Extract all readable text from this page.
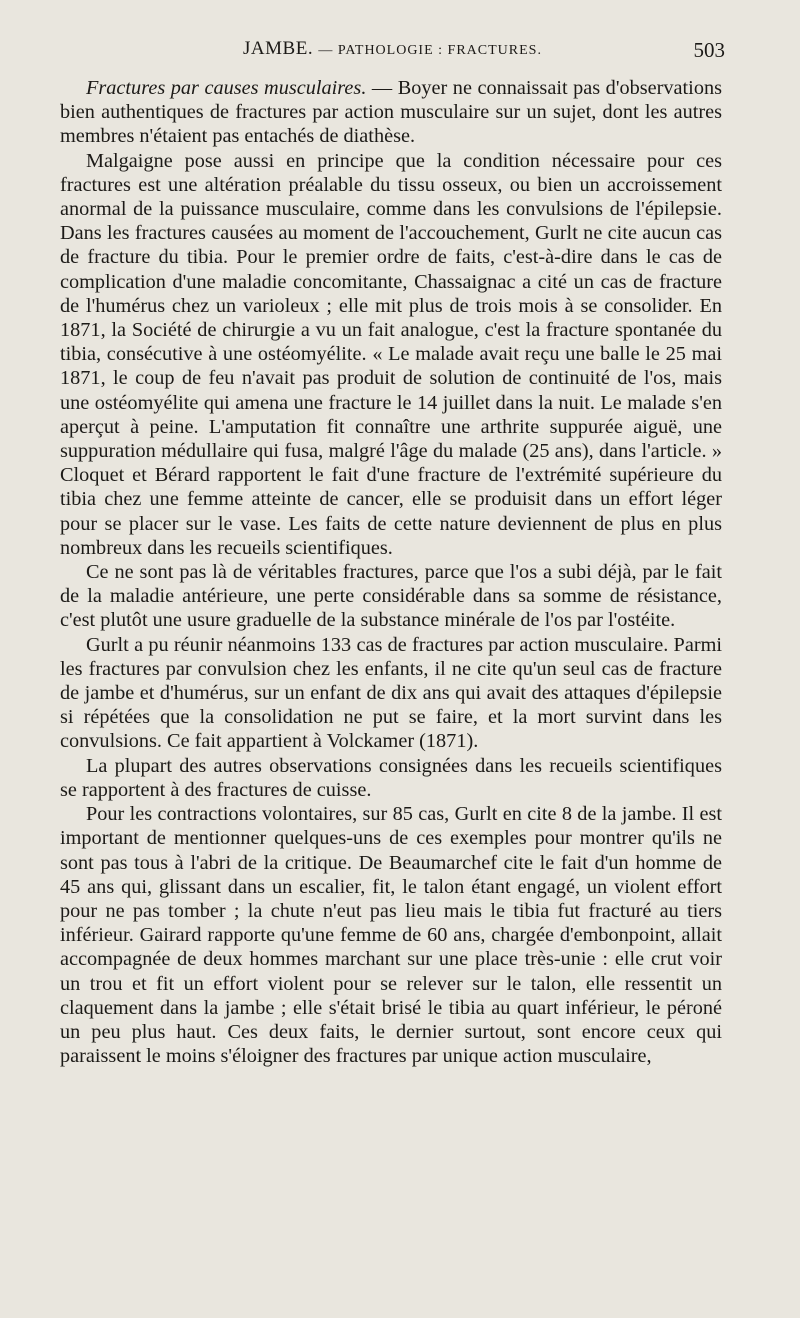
JAMBE. — PATHOLOGIE : FRACTURES.	503

Fractures par causes musculaires. — Boyer ne connaissait pas d'observations bien authentiques de fractures par action musculaire sur un sujet, dont les autres membres n'étaient pas entachés de diathèse.

Malgaigne pose aussi en principe que la condition nécessaire pour ces fractures est une altération préalable du tissu osseux, ou bien un accroissement anormal de la puissance musculaire, comme dans les convulsions de l'épilepsie. Dans les fractures causées au moment de l'accouchement, Gurlt ne cite aucun cas de fracture du tibia. Pour le premier ordre de faits, c'est-à-dire dans le cas de complication d'une maladie concomitante, Chassaignac a cité un cas de fracture de l'humérus chez un varioleux ; elle mit plus de trois mois à se consolider. En 1871, la Société de chirurgie a vu un fait analogue, c'est la fracture spontanée du tibia, consécutive à une ostéomyélite. « Le malade avait reçu une balle le 25 mai 1871, le coup de feu n'avait pas produit de solution de continuité de l'os, mais une ostéomyélite qui amena une fracture le 14 juillet dans la nuit. Le malade s'en aperçut à peine. L'amputation fit connaître une arthrite suppurée aiguë, une suppuration médullaire qui fusa, malgré l'âge du malade (25 ans), dans l'article. » Cloquet et Bérard rapportent le fait d'une fracture de l'extrémité supérieure du tibia chez une femme atteinte de cancer, elle se produisit dans un effort léger pour se placer sur le vase. Les faits de cette nature deviennent de plus en plus nombreux dans les recueils scientifiques.

Ce ne sont pas là de véritables fractures, parce que l'os a subi déjà, par le fait de la maladie antérieure, une perte considérable dans sa somme de résistance, c'est plutôt une usure graduelle de la substance minérale de l'os par l'ostéite.

Gurlt a pu réunir néanmoins 133 cas de fractures par action musculaire. Parmi les fractures par convulsion chez les enfants, il ne cite qu'un seul cas de fracture de jambe et d'humérus, sur un enfant de dix ans qui avait des attaques d'épilepsie si répétées que la consolidation ne put se faire, et la mort survint dans les convulsions. Ce fait appartient à Volckamer (1871).

La plupart des autres observations consignées dans les recueils scientifiques se rapportent à des fractures de cuisse.

Pour les contractions volontaires, sur 85 cas, Gurlt en cite 8 de la jambe. Il est important de mentionner quelques-uns de ces exemples pour montrer qu'ils ne sont pas tous à l'abri de la critique. De Beaumarchef cite le fait d'un homme de 45 ans qui, glissant dans un escalier, fit, le talon étant engagé, un violent effort pour ne pas tomber ; la chute n'eut pas lieu mais le tibia fut fracturé au tiers inférieur. Gairard rapporte qu'une femme de 60 ans, chargée d'embonpoint, allait accompagnée de deux hommes marchant sur une place très-unie : elle crut voir un trou et fit un effort violent pour se relever sur le talon, elle ressentit un claquement dans la jambe ; elle s'était brisé le tibia au quart inférieur, le péroné un peu plus haut. Ces deux faits, le dernier surtout, sont encore ceux qui paraissent le moins s'éloigner des fractures par unique action musculaire,
